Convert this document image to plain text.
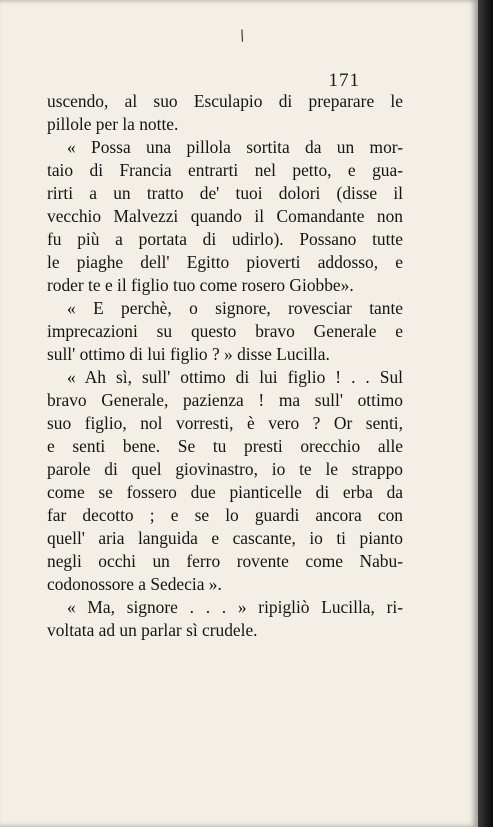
/
171
uscendo, al suo Esculapio di preparare le
pillole per la notte.
« Possa una pillola sortita da un mor-
taio di Francia entrarti nel petto, e gua-
rirti a un tratto de' tuoi dolori (disse il
vecchio Malvezzi quando il Comandante non
fu più a portata di udirlo). Possano tutte
le piaghe dell' Egitto pioverti addosso, e
roder te e il figlio tuo come rosero Giobbe».
« E perchè, o signore, rovesciar tante
imprecazioni su questo bravo Generale e
sull' ottimo di lui figlio ? » disse Lucilla.
« Ah sì, sull' ottimo di lui figlio ! . . Sul
bravo Generale, pazienza ! ma sull' ottimo
suo figlio, nol vorresti, è vero ? Or senti,
e senti bene. Se tu presti orecchio alle
parole di quel giovinastro, io te le strappo
come se fossero due pianticelle di erba da
far decotto ; e se lo guardi ancora con
quell' aria languida e cascante, io ti pianto
negli occhi un ferro rovente come Nabu-
codonossore a Sedecia ».
« Ma, signore . . . » ripigliò Lucilla, ri-
voltata ad un parlar sì crudele.
